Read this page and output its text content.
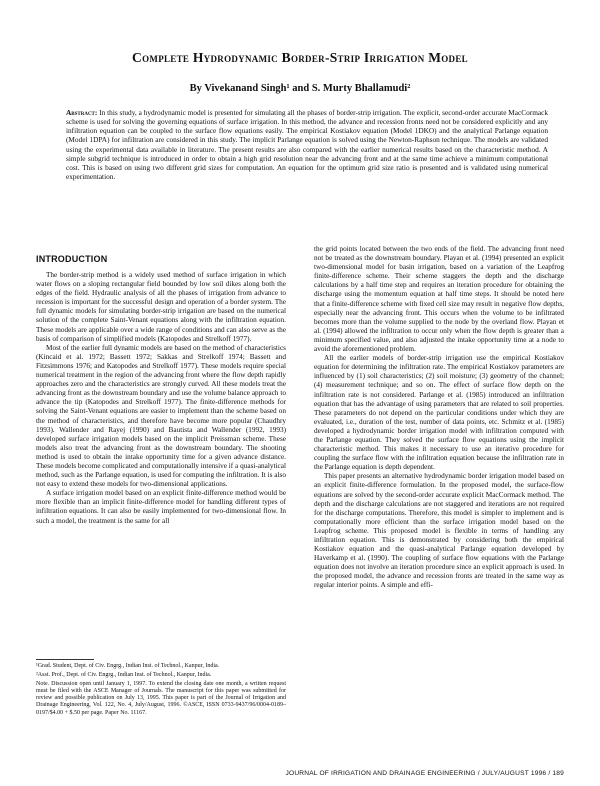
Complete Hydrodynamic Border-Strip Irrigation Model
By Vivekanand Singh¹ and S. Murty Bhallamudi²
Abstract: In this study, a hydrodynamic model is presented for simulating all the phases of border-strip irrigation. The explicit, second-order accurate MacCormack scheme is used for solving the governing equations of surface irrigation. In this method, the advance and recession fronts need not be considered explicitly and any infiltration equation can be coupled to the surface flow equations easily. The empirical Kostiakov equation (Model 1DKO) and the analytical Parlange equation (Model 1DPA) for infiltration are considered in this study. The implicit Parlange equation is solved using the Newton-Raphson technique. The models are validated using the experimental data available in literature. The present results are also compared with the earlier numerical results based on the characteristic method. A simple subgrid technique is introduced in order to obtain a high grid resolution near the advancing front and at the same time achieve a minimum computational cost. This is based on using two different grid sizes for computation. An equation for the optimum grid size ratio is presented and is validated using numerical experimentation.
INTRODUCTION

The border-strip method is a widely used method of surface irrigation in which water flows on a sloping rectangular field bounded by low soil dikes along both the edges of the field. Hydraulic analysis of all the phases of irrigation from advance to recession is important for the successful design and operation of a border system. The full dynamic models for simulating border-strip irrigation are based on the numerical solution of the complete Saint-Venant equations along with the infiltration equation. These models are applicable over a wide range of conditions and can also serve as the basis of comparison of simplified models (Katopodes and Strelkoff 1977).

Most of the earlier full dynamic models are based on the method of characteristics (Kincaid et al. 1972; Bassett 1972; Sakkas and Strelkoff 1974; Bassett and Fitzsimmons 1976; and Katopodes and Strelkoff 1977). These models require special numerical treatment in the region of the advancing front where the flow depth rapidly approaches zero and the characteristics are strongly curved. All these models treat the advancing front as the downstream boundary and use the volume balance approach to advance the tip (Katopodes and Strelkoff 1977). The finite-difference methods for solving the Saint-Venant equations are easier to implement than the scheme based on the method of characteristics, and therefore have become more popular (Chaudhry 1993). Wallender and Rayej (1990) and Bautista and Wallender (1992, 1993) developed surface irrigation models based on the implicit Preissman scheme. These models also treat the advancing front as the downstream boundary. The shooting method is used to obtain the intake opportunity time for a given advance distance. These models become complicated and computationally intensive if a quasi-analytical method, such as the Parlange equation, is used for computing the infiltration. It is also not easy to extend these models for two-dimensional applications.

A surface irrigation model based on an explicit finite-difference method would be more flexible than an implicit finite-difference model for handling different types of infiltration equations. It can also be easily implemented for two-dimensional flow. In such a model, the treatment is the same for all

¹Grad. Student, Dept. of Civ. Engrg., Indian Inst. of Technol., Kanpur, India.

²Asst. Prof., Dept. of Civ. Engrg., Indian Inst. of Technol., Kanpur, India.

Note. Discussion open until January 1, 1997. To extend the closing date one month, a written request must be filed with the ASCE Manager of Journals. The manuscript for this paper was submitted for review and possible publication on July 13, 1995. This paper is part of the Journal of Irrigation and Drainage Engineering, Vol. 122, No. 4, July/August, 1996. ©ASCE, ISSN 0733-9437/96/0004-0189–0197/$4.00 + $.50 per page. Paper No. 11167.

the grid points located between the two ends of the field. The advancing front need not be treated as the downstream boundary. Playan et al. (1994) presented an explicit two-dimensional model for basin irrigation, based on a variation of the Leapfrog finite-difference scheme. Their scheme staggers the depth and the discharge calculations by a half time step and requires an iteration procedure for obtaining the discharge using the momentum equation at half time steps. It should be noted here that a finite-difference scheme with fixed cell size may result in negative flow depths, especially near the advancing front. This occurs when the volume to be infiltrated becomes more than the volume supplied to the node by the overland flow. Playan et al. (1994) allowed the infiltration to occur only when the flow depth is greater than a minimum specified value, and also adjusted the intake opportunity time at a node to avoid the aforementioned problem.

All the earlier models of border-strip irrigation use the empirical Kostiakov equation for determining the infiltration rate. The empirical Kostiakov parameters are influenced by (1) soil characteristics; (2) soil moisture; (3) geometry of the channel; (4) measurement technique; and so on. The effect of surface flow depth on the infiltration rate is not considered. Parlange et al. (1985) introduced an infiltration equation that has the advantage of using parameters that are related to soil properties. These parameters do not depend on the particular conditions under which they are evaluated, i.e., duration of the test, number of data points, etc. Schmitz et al. (1985) developed a hydrodynamic border irrigation model with infiltration computed with the Parlange equation. They solved the surface flow equations using the implicit characteristic method. This makes it necessary to use an iterative procedure for coupling the surface flow with the infiltration equation because the infiltration rate in the Parlange equation is depth dependent.

This paper presents an alternative hydrodynamic border irrigation model based on an explicit finite-difference formulation. In the proposed model, the surface-flow equations are solved by the second-order accurate explicit MacCormack method. The depth and the discharge calculations are not staggered and iterations are not required for the discharge computations. Therefore, this model is simpler to implement and is computationally more efficient than the surface irrigation model based on the Leapfrog scheme. This proposed model is flexible in terms of handling any infiltration equation. This is demonstrated by considering both the empirical Kostiakov equation and the quasi-analytical Parlange equation developed by Haverkamp et al. (1990). The coupling of surface flow equations with the Parlange equation does not involve an iteration procedure since an explicit approach is used. In the proposed model, the advance and recession fronts are treated in the same way as regular interior points. A simple and effi-

JOURNAL OF IRRIGATION AND DRAINAGE ENGINEERING / JULY/AUGUST 1996 / 189
